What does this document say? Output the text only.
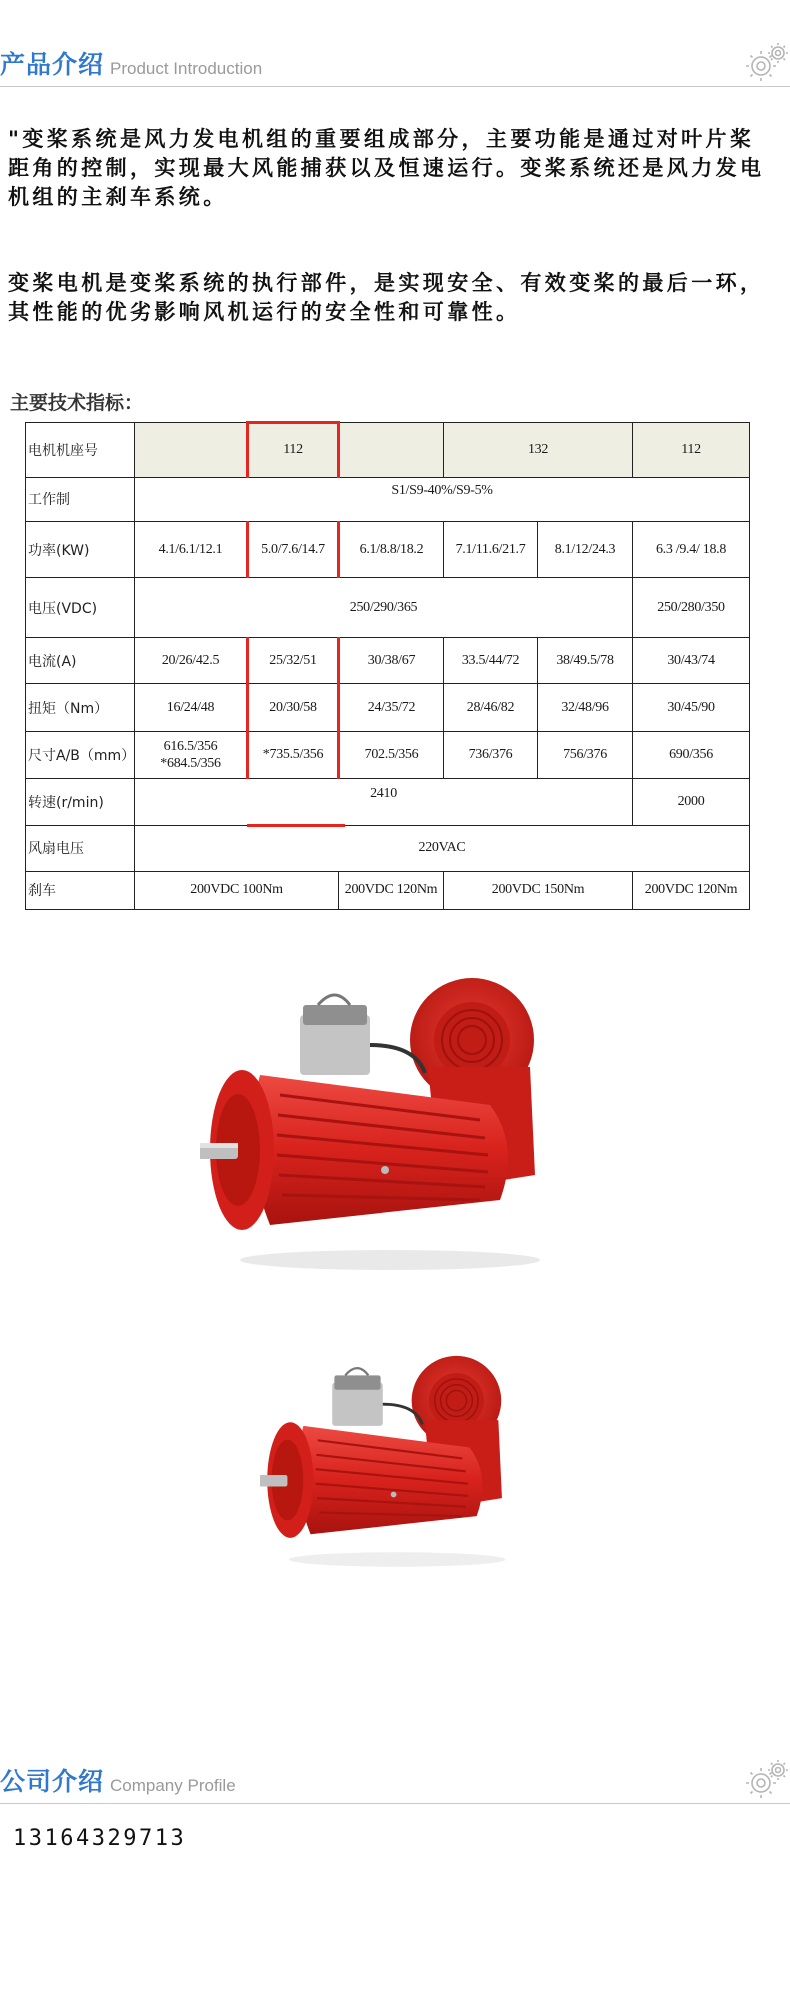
产品介绍 Product Introduction

"变桨系统是风力发电机组的重要组成部分，主要功能是通过对叶片桨距角的控制，实现最大风能捕获以及恒速运行。变桨系统还是风力发电机组的主刹车系统。

变桨电机是变桨系统的执行部件，是实现安全、有效变桨的最后一环，其性能的优劣影响风机运行的安全性和可靠性。

主要技术指标：
电机机座号		112		132		112
工作制	S1/S9-40%/S9-5%					
功率(KW)	4.1/6.1/12.1	5.0/7.6/14.7	6.1/8.8/18.2	7.1/11.6/21.7	8.1/12/24.3	6.3 /9.4/ 18.8
电压(VDC)	250/290/365					250/280/350
电流(A)	20/26/42.5	25/32/51	30/38/67	33.5/44/72	38/49.5/78	30/43/74
扭矩（Nm）	16/24/48	20/30/58	24/35/72	28/46/82	32/48/96	30/45/90
尺寸A/B（mm）	616.5/356
*684.5/356	*735.5/356	702.5/356	736/376	756/376	690/356
转速(r/min)	2410					2000
风扇电压	220VAC					
刹车	200VDC 100Nm		200VDC 120Nm	200VDC 150Nm		200VDC 120Nm
公司介绍 Company Profile
13164329713
